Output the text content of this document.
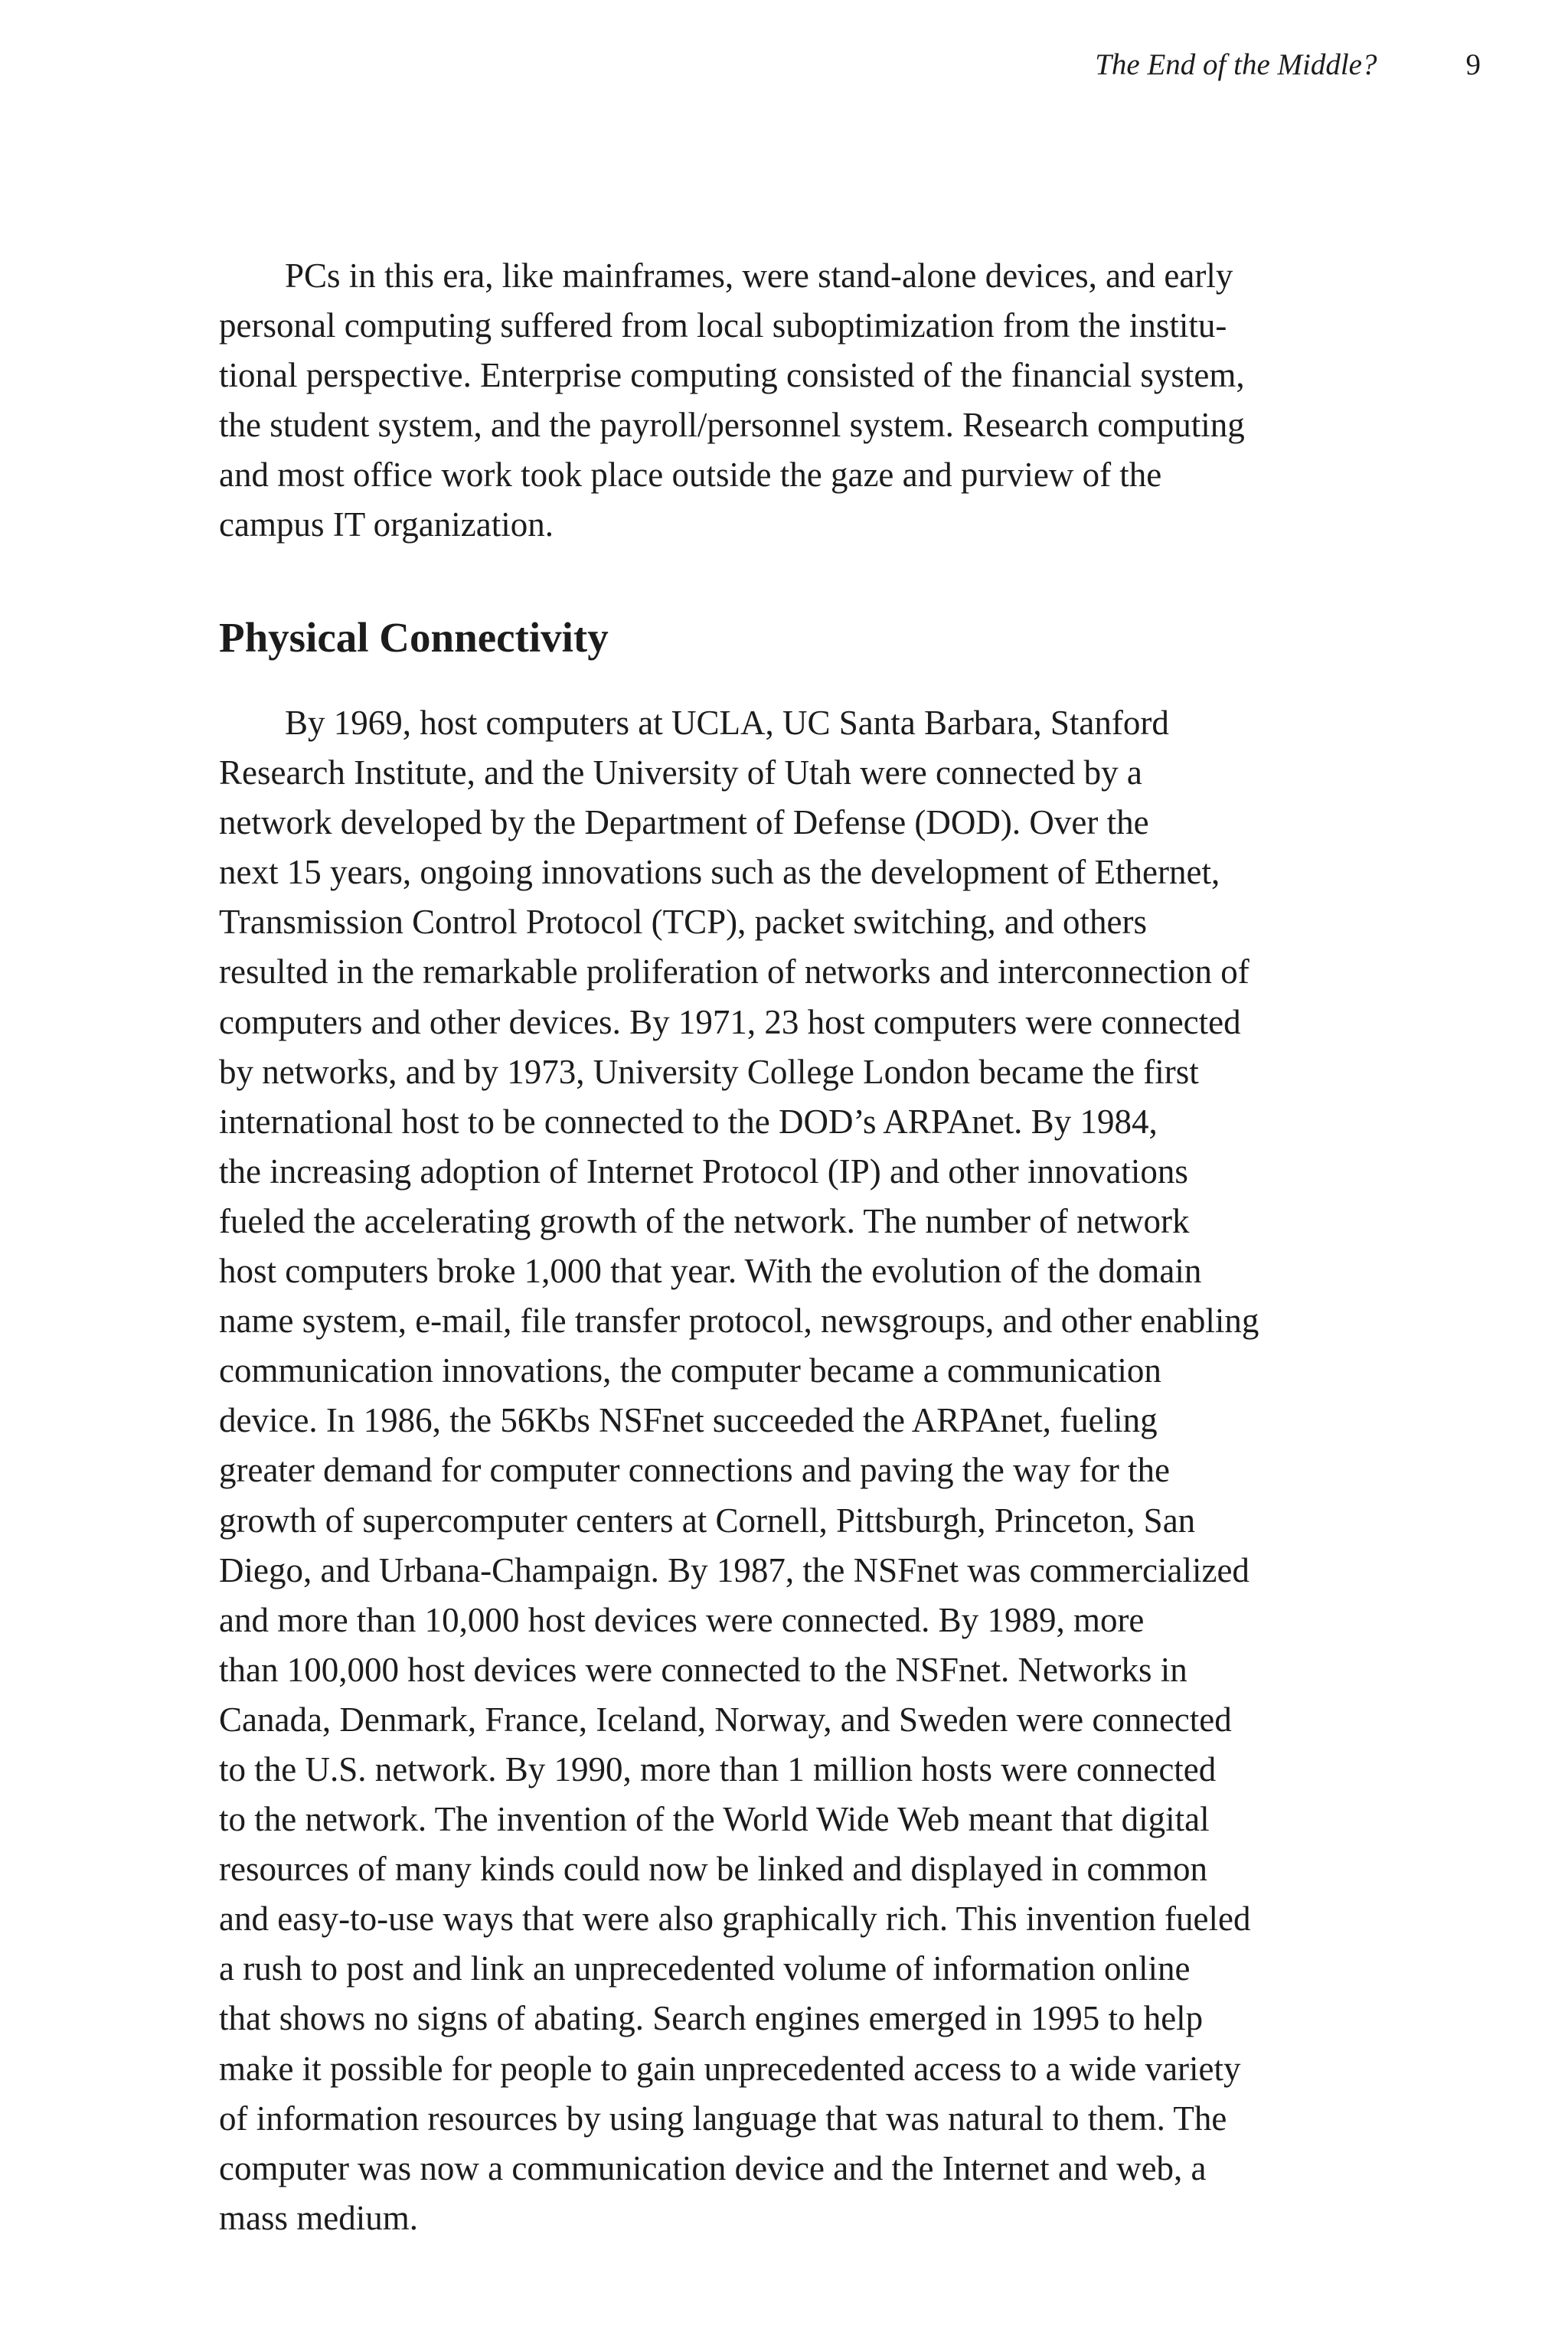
The End of the Middle?	9

PCs in this era, like mainframes, were stand-alone devices, and early
personal computing suffered from local suboptimization from the institu-
tional perspective. Enterprise computing consisted of the financial system,
the student system, and the payroll/personnel system. Research computing
and most office work took place outside the gaze and purview of the
campus IT organization.

Physical Connectivity

By 1969, host computers at UCLA, UC Santa Barbara, Stanford
Research Institute, and the University of Utah were connected by a
network developed by the Department of Defense (DOD). Over the
next 15 years, ongoing innovations such as the development of Ethernet,
Transmission Control Protocol (TCP), packet switching, and others
resulted in the remarkable proliferation of networks and interconnection of
computers and other devices. By 1971, 23 host computers were connected
by networks, and by 1973, University College London became the first
international host to be connected to the DOD’s ARPAnet. By 1984,
the increasing adoption of Internet Protocol (IP) and other innovations
fueled the accelerating growth of the network. The number of network
host computers broke 1,000 that year. With the evolution of the domain
name system, e-mail, file transfer protocol, newsgroups, and other enabling
communication innovations, the computer became a communication
device. In 1986, the 56Kbs NSFnet succeeded the ARPAnet, fueling
greater demand for computer connections and paving the way for the
growth of supercomputer centers at Cornell, Pittsburgh, Princeton, San
Diego, and Urbana-Champaign. By 1987, the NSFnet was commercialized
and more than 10,000 host devices were connected. By 1989, more
than 100,000 host devices were connected to the NSFnet. Networks in
Canada, Denmark, France, Iceland, Norway, and Sweden were connected
to the U.S. network. By 1990, more than 1 million hosts were connected
to the network. The invention of the World Wide Web meant that digital
resources of many kinds could now be linked and displayed in common
and easy-to-use ways that were also graphically rich. This invention fueled
a rush to post and link an unprecedented volume of information online
that shows no signs of abating. Search engines emerged in 1995 to help
make it possible for people to gain unprecedented access to a wide variety
of information resources by using language that was natural to them. The
computer was now a communication device and the Internet and web, a
mass medium.
